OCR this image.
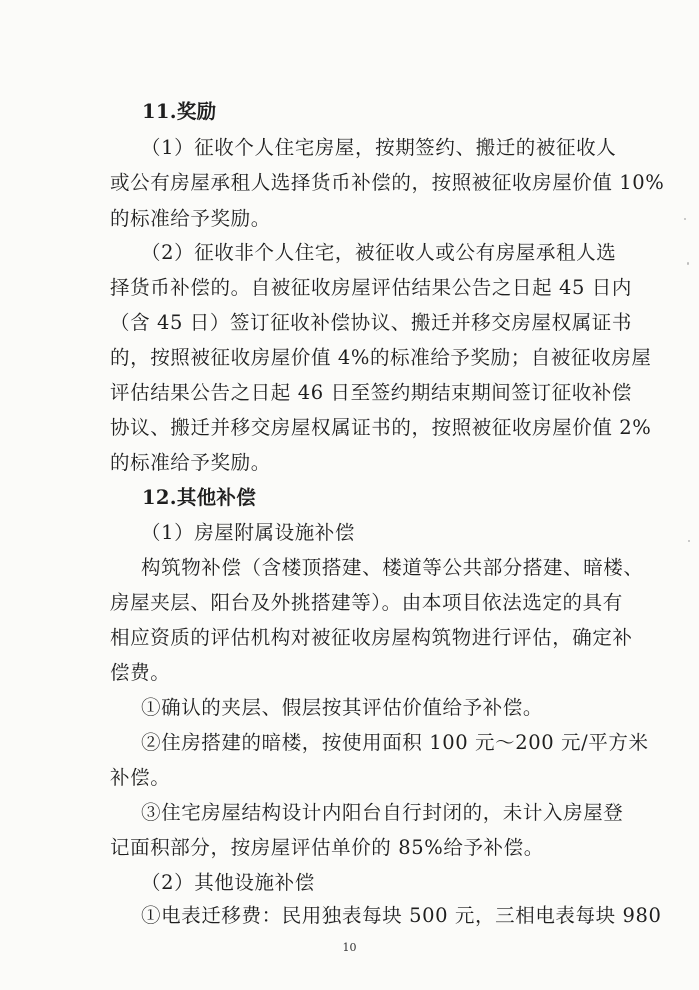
11.奖励
（1）征收个人住宅房屋，按期签约、搬迁的被征收人
或公有房屋承租人选择货币补偿的，按照被征收房屋价值 10%
的标准给予奖励。
（2）征收非个人住宅，被征收人或公有房屋承租人选
择货币补偿的。自被征收房屋评估结果公告之日起 45 日内
（含 45 日）签订征收补偿协议、搬迁并移交房屋权属证书
的，按照被征收房屋价值 4%的标准给予奖励；自被征收房屋
评估结果公告之日起 46 日至签约期结束期间签订征收补偿
协议、搬迁并移交房屋权属证书的，按照被征收房屋价值 2%
的标准给予奖励。
12.其他补偿
（1）房屋附属设施补偿
构筑物补偿（含楼顶搭建、楼道等公共部分搭建、暗楼、
房屋夹层、阳台及外挑搭建等）。由本项目依法选定的具有
相应资质的评估机构对被征收房屋构筑物进行评估，确定补
偿费。
①确认的夹层、假层按其评估价值给予补偿。
②住房搭建的暗楼，按使用面积 100 元～200 元/平方米
补偿。
③住宅房屋结构设计内阳台自行封闭的，未计入房屋登
记面积部分，按房屋评估单价的 85%给予补偿。
（2）其他设施补偿
①电表迁移费：民用独表每块 500 元，三相电表每块 980
10
